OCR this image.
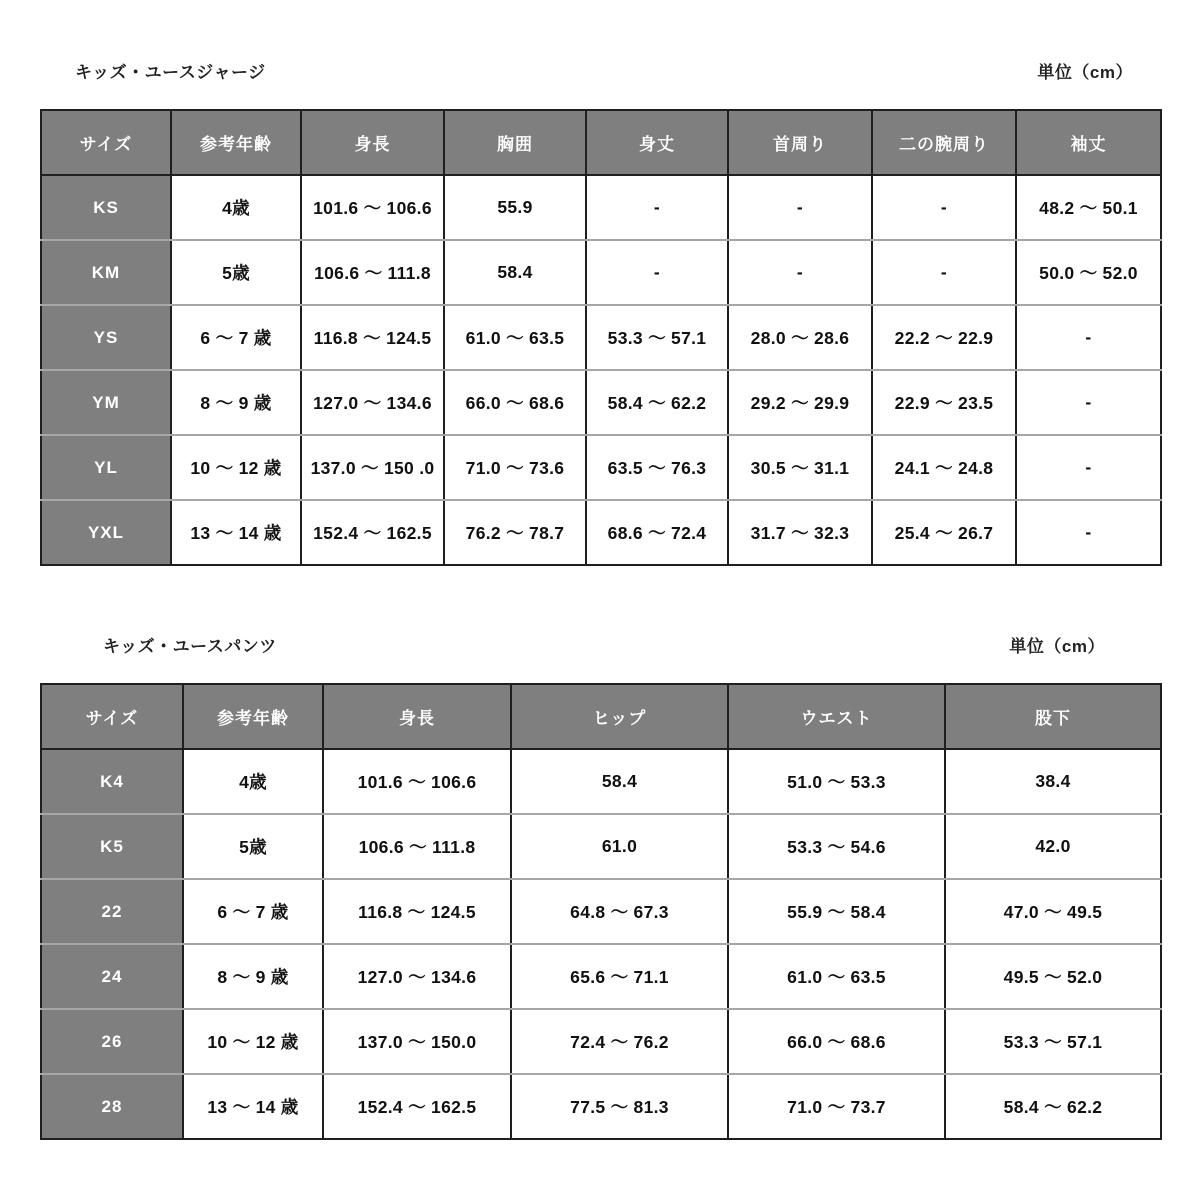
キッズ・ユースジャージ	単位（cm）
サイズ	参考年齢	身長	胸囲	身丈	首周り	二の腕周り	袖丈
KS	4歳	101.6 ～ 106.6	55.9	-	-	-	48.2 ～ 50.1
KM	5歳	106.6 ～ 111.8	58.4	-	-	-	50.0 ～ 52.0
YS	6 ～ 7 歳	116.8 ～ 124.5	61.0 ～ 63.5	53.3 ～ 57.1	28.0 ～ 28.6	22.2 ～ 22.9	-
YM	8 ～ 9 歳	127.0 ～ 134.6	66.0 ～ 68.6	58.4 ～ 62.2	29.2 ～ 29.9	22.9 ～ 23.5	-
YL	10 ～ 12 歳	137.0 ～ 150 .0	71.0 ～ 73.6	63.5 ～ 76.3	30.5 ～ 31.1	24.1 ～ 24.8	-
YXL	13 ～ 14 歳	152.4 ～ 162.5	76.2 ～ 78.7	68.6 ～ 72.4	31.7 ～ 32.3	25.4 ～ 26.7	-
キッズ・ユースパンツ	単位（cm）
サイズ	参考年齢	身長	ヒップ	ウエスト	股下
K4	4歳	101.6 ～ 106.6	58.4	51.0 ～ 53.3	38.4
K5	5歳	106.6 ～ 111.8	61.0	53.3 ～ 54.6	42.0
22	6 ～ 7 歳	116.8 ～ 124.5	64.8 ～ 67.3	55.9 ～ 58.4	47.0 ～ 49.5
24	8 ～ 9 歳	127.0 ～ 134.6	65.6 ～ 71.1	61.0 ～ 63.5	49.5 ～ 52.0
26	10 ～ 12 歳	137.0 ～ 150.0	72.4 ～ 76.2	66.0 ～ 68.6	53.3 ～ 57.1
28	13 ～ 14 歳	152.4 ～ 162.5	77.5 ～ 81.3	71.0 ～ 73.7	58.4 ～ 62.2
